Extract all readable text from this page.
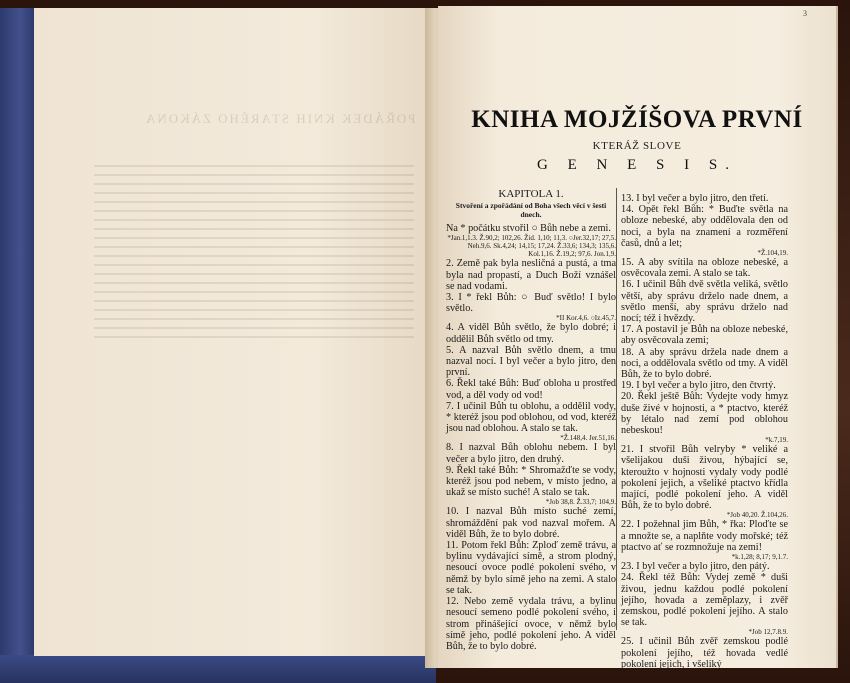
POŘÁDEK KNIH STARÉHO ZÁKONA
3
KNIHA MOJŽÍŠOVA PRVNÍ
KTERÁŽ SLOVE
G E N E S I S.
KAPITOLA 1.
Stvoření a zpořádání od Boha všech věcí v šesti dnech.

Na * počátku stvořil ○ Bůh nebe a zemi.
*Jan.1,1.3. Ž.90,2; 102,26. Žid. 1,10; 11,3. ○Jer.32,17; 27,5. Neh.9,6. Sk.4,24; 14,15; 17,24. Ž.33,6; 134,3; 135,6. Kol.1,16. Ž.19,2; 97,6. Jon.1,9.

2. Země pak byla nesličná a pustá, a tma byla nad propastí, a Duch Boží vznášel se nad vodami.

3. I * řekl Bůh: ○ Buď světlo! I bylo světlo.
*II Kor.4,6. ○Iz.45,7.

4. A viděl Bůh světlo, že bylo dobré; i oddělil Bůh světlo od tmy.

5. A nazval Bůh světlo dnem, a tmu nazval nocí. I byl večer a bylo jitro, den první.

6. Řekl také Bůh: Buď obloha u prostřed vod, a děl vody od vod!

7. I učinil Bůh tu oblohu, a oddělil vody, * kteréž jsou pod oblohou, od vod, kteréž jsou nad oblohou. A stalo se tak.
*Ž.148,4. Jer.51,16.

8. I nazval Bůh oblohu nebem. I byl večer a bylo jitro, den druhý.

9. Řekl také Bůh: * Shromažďte se vody, kteréž jsou pod nebem, v místo jedno, a ukaž se místo suché! A stalo se tak.
*Job 38,8. Ž.33,7; 104,9.

10. I nazval Bůh místo suché zemí, shromáždění pak vod nazval mořem. A viděl Bůh, že to bylo dobré.

11. Potom řekl Bůh: Zploď země trávu, a bylinu vydávající símě, a strom plodný, nesoucí ovoce podlé pokolení svého, v němž by bylo símě jeho na zemi. A stalo se tak.

12. Nebo země vydala trávu, a bylinu nesoucí semeno podlé pokolení svého, i strom přinášející ovoce, v němž bylo símě jeho, podlé pokolení jeho. A viděl Bůh, že to bylo dobré.

13. I byl večer a bylo jitro, den třetí.

14. Opět řekl Bůh: * Buďte světla na obloze nebeské, aby oddělovala den od noci, a byla na znamení a rozměření časů, dnů a let;
*Ž.104,19.

15. A aby svítila na obloze nebeské, a osvěcovala zemi. A stalo se tak.

16. I učinil Bůh dvě světla veliká, světlo větší, aby správu drželo nade dnem, a světlo menší, aby správu drželo nad nocí; též i hvězdy.

17. A postavil je Bůh na obloze nebeské, aby osvěcovala zemi;

18. A aby správu držela nade dnem a noci, a oddělovala světlo od tmy. A viděl Bůh, že to bylo dobré.

19. I byl večer a bylo jitro, den čtvrtý.

20. Řekl ještě Bůh: Vydejte vody hmyz duše živé v hojnosti, a * ptactvo, kteréž by létalo nad zemí pod oblohou nebeskou!
*k.7,19.

21. I stvořil Bůh velryby * veliké a všelijakou duši živou, hýbající se, kteroužto v hojnosti vydaly vody podlé pokolení jejich, a všeliké ptactvo křídla mající, podlé pokolení jeho. A viděl Bůh, že to bylo dobré.
*Job 40,20. Ž.104,26.

22. I požehnal jim Bůh, * řka: Ploďte se a množte se, a naplňte vody mořské; též ptactvo ať se rozmnožuje na zemi!
*k.1,28; 8,17; 9,1.7.

23. I byl večer a bylo jitro, den pátý.

24. Řekl též Bůh: Vydej země * duši živou, jednu každou podlé pokolení jejího, hovada a zeměplazy, i zvěř zemskou, podlé pokolení jejího. A stalo se tak.
*Job 12,7.8.9.

25. I učinil Bůh zvěř zemskou podlé pokolení jejího, též hovada vedlé pokolení jejich, i všeliký
